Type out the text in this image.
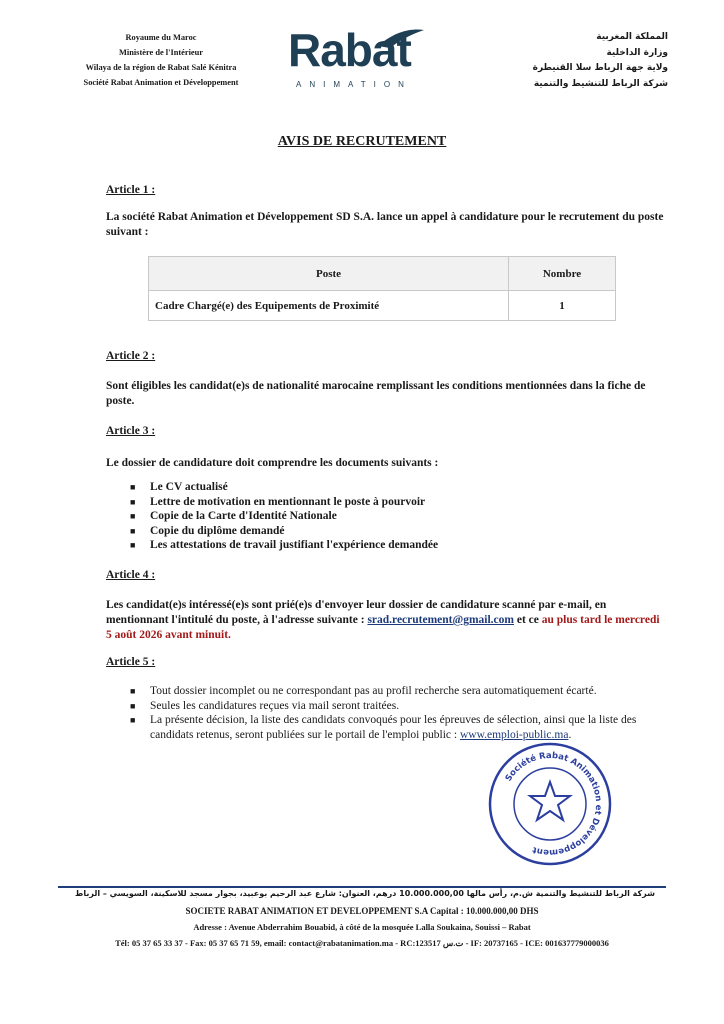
Royaume du Maroc
Ministère de l'Intérieur
Wilaya de la région de Rabat Salé Kénitra
Société Rabat Animation et Développement
Rabat
ANIMATION
المملكة المغربية
وزارة الداخلية
ولاية جهة الرباط سلا القنيطرة
شركة الرباط للتنشيط والتنمية
AVIS DE RECRUTEMENT
Article 1 :
La société Rabat Animation et Développement SD S.A. lance un appel à candidature pour le recrutement du poste suivant :
Poste	Nombre
Cadre Chargé(e) des Equipements de Proximité	1
Article 2 :
Sont éligibles les candidat(e)s de nationalité marocaine remplissant les conditions mentionnées dans la fiche de poste.
Article 3 :
Le dossier de candidature doit comprendre les documents suivants :
■ Le CV actualisé
■ Lettre de motivation en mentionnant le poste à pourvoir
■ Copie de la Carte d'Identité Nationale
■ Copie du diplôme demandé
■ Les attestations de travail justifiant l'expérience demandée
Article 4 :
Les candidat(e)s intéressé(e)s sont prié(e)s d'envoyer leur dossier de candidature scanné par e-mail, en mentionnant l'intitulé du poste, à l'adresse suivante : srad.recrutement@gmail.com et ce au plus tard le mercredi 5 août 2026 avant minuit.
Article 5 :
■ Tout dossier incomplet ou ne correspondant pas au profil recherche sera automatiquement écarté.
■ Seules les candidatures reçues via mail seront traitées.
■ La présente décision, la liste des candidats convoqués pour les épreuves de sélection, ainsi que la liste des candidats retenus, seront publiées sur le portail de l'emploi public : www.emploi-public.ma.
Société Rabat Animation et Développement
شركة الرباط للتنشيط والتنمية ش.م، رأس مالها 10.000.000,00 درهم، العنوان: شارع عبد الرحيم بوعبيد، بجوار مسجد للاسكينة، السويسي – الرباط
SOCIETE RABAT ANIMATION ET DEVELOPPEMENT S.A Capital : 10.000.000,00 DHS
Adresse : Avenue Abderrahim Bouabid, à côté de la mosquée Lalla Soukaina, Souissi – Rabat
Tél: 05 37 65 33 37 - Fax: 05 37 65 71 59, email: contact@rabatanimation.ma - RC:123517 ت.س - IF: 20737165 - ICE: 001637779000036
